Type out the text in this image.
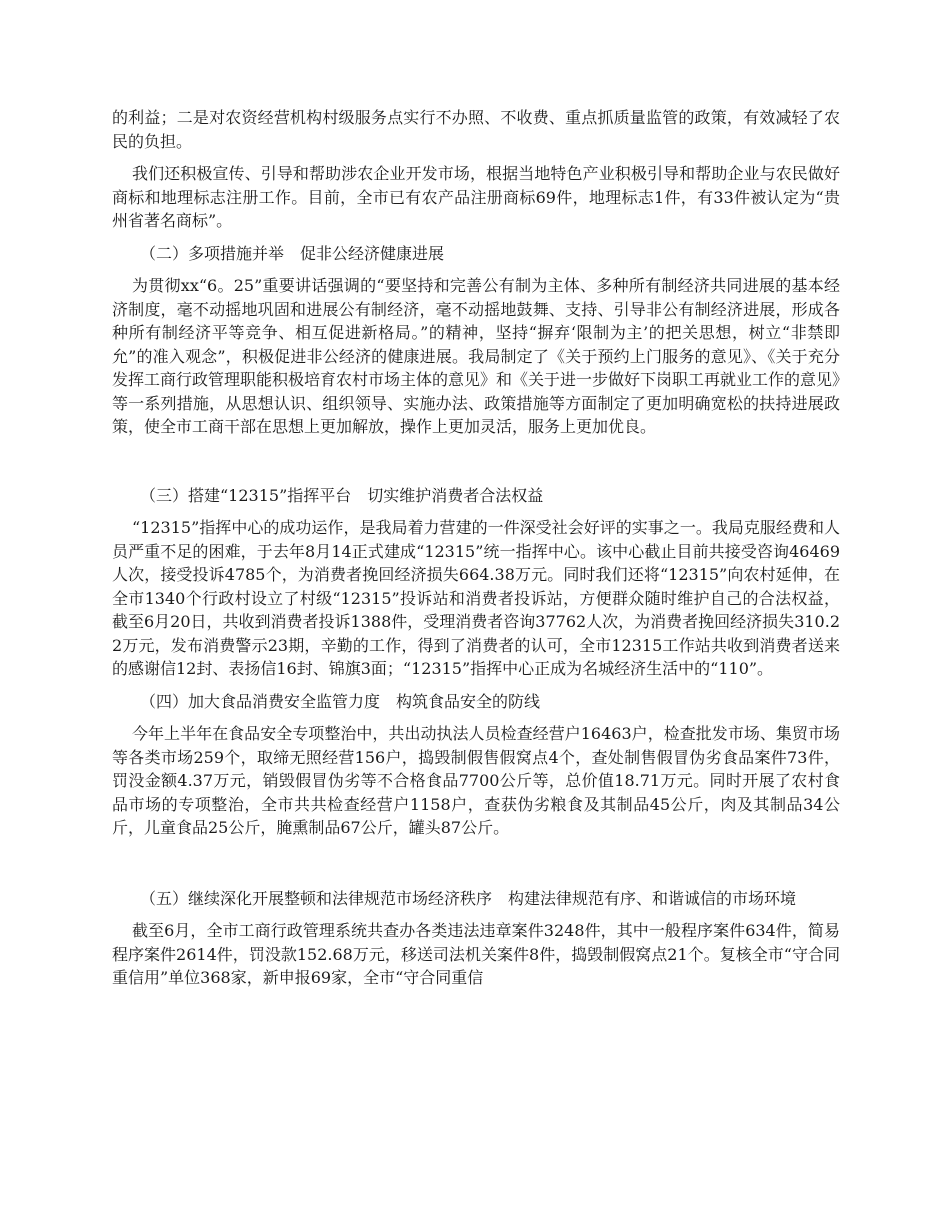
的利益；二是对农资经营机构村级服务点实行不办照、不收费、重点抓质量监管的政策，有效减轻了农民的负担。

我们还积极宣传、引导和帮助涉农企业开发市场，根据当地特色产业积极引导和帮助企业与农民做好商标和地理标志注册工作。目前，全市已有农产品注册商标69件，地理标志1件，有33件被认定为“贵州省著名商标”。

（二）多项措施并举　促非公经济健康进展

为贯彻xx“6。25”重要讲话强调的“要坚持和完善公有制为主体、多种所有制经济共同进展的基本经济制度，毫不动摇地巩固和进展公有制经济，毫不动摇地鼓舞、支持、引导非公有制经济进展，形成各种所有制经济平等竞争、相互促进新格局。”的精神，坚持“摒弃‘限制为主’的把关思想，树立“非禁即允”的准入观念”，积极促进非公经济的健康进展。我局制定了《关于预约上门服务的意见》、《关于充分发挥工商行政管理职能积极培育农村市场主体的意见》和《关于进一步做好下岗职工再就业工作的意见》等一系列措施，从思想认识、组织领导、实施办法、政策措施等方面制定了更加明确宽松的扶持进展政策，使全市工商干部在思想上更加解放，操作上更加灵活，服务上更加优良。

（三）搭建“12315”指挥平台　切实维护消费者合法权益

“12315”指挥中心的成功运作，是我局着力营建的一件深受社会好评的实事之一。我局克服经费和人员严重不足的困难，于去年8月14正式建成“12315”统一指挥中心。该中心截止目前共接受咨询46469人次，接受投诉4785个，为消费者挽回经济损失664.38万元。同时我们还将“12315”向农村延伸，在全市1340个行政村设立了村级“12315”投诉站和消费者投诉站，方便群众随时维护自己的合法权益，截至6月20日，共收到消费者投诉1388件，受理消费者咨询37762人次，为消费者挽回经济损失310.22万元，发布消费警示23期，辛勤的工作，得到了消费者的认可，全市12315工作站共收到消费者送来的感谢信12封、表扬信16封、锦旗3面；“12315”指挥中心正成为名城经济生活中的“110”。

（四）加大食品消费安全监管力度　构筑食品安全的防线

今年上半年在食品安全专项整治中，共出动执法人员检查经营户16463户，检查批发市场、集贸市场等各类市场259个，取缔无照经营156户，捣毁制假售假窝点4个，查处制售假冒伪劣食品案件73件，罚没金额4.37万元，销毁假冒伪劣等不合格食品7700公斤等，总价值18.71万元。同时开展了农村食品市场的专项整治，全市共共检查经营户1158户，查获伪劣粮食及其制品45公斤，肉及其制品34公斤，儿童食品25公斤，腌熏制品67公斤，罐头87公斤。

（五）继续深化开展整顿和法律规范市场经济秩序　构建法律规范有序、和谐诚信的市场环境

截至6月，全市工商行政管理系统共查办各类违法违章案件3248件，其中一般程序案件634件，简易程序案件2614件，罚没款152.68万元，移送司法机关案件8件，捣毁制假窝点21个。复核全市“守合同重信用”单位368家，新申报69家，全市“守合同重信
